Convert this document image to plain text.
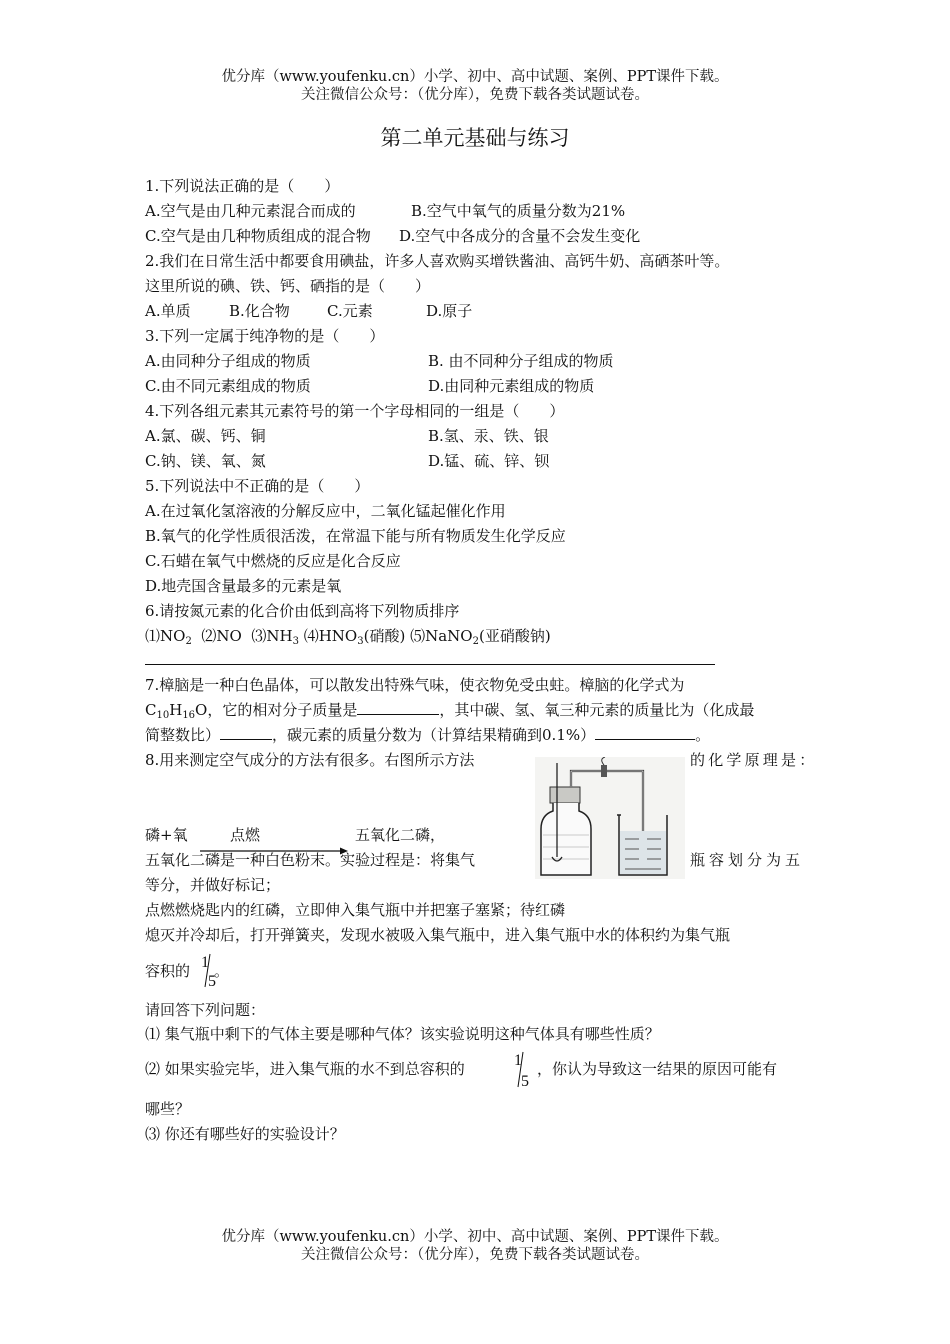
优分库（www.youfenku.cn）小学、初中、高中试题、案例、PPT课件下载。
关注微信公众号：（优分库），免费下载各类试题试卷。
第二单元基础与练习
1.下列说法正确的是（　　）
A.空气是由几种元素混合而成的	B.空气中氧气的质量分数为21%
C.空气是由几种物质组成的混合物 D.空气中各成分的含量不会发生变化
2.我们在日常生活中都要食用碘盐，许多人喜欢购买增铁酱油、高钙牛奶、高硒茶叶等。
这里所说的碘、铁、钙、硒指的是（　　）
A.单质	B.化合物 C.元素	D.原子
3.下列一定属于纯净物的是（　　）
A.由同种分子组成的物质	B. 由不同种分子组成的物质
C.由不同元素组成的物质	D.由同种元素组成的物质
4.下列各组元素其元素符号的第一个字母相同的一组是（　　）
A.氯、碳、钙、铜	B.氢、汞、铁、银
C.钠、镁、氧、氮	D.锰、硫、锌、钡
5.下列说法中不正确的是（　　）
A.在过氧化氢溶液的分解反应中，二氧化锰起催化作用
B.氧气的化学性质很活泼，在常温下能与所有物质发生化学反应
C.石蜡在氧气中燃烧的反应是化合反应
D.地壳国含量最多的元素是氧
6.请按氮元素的化合价由低到高将下列物质排序
$⑴NO_2$ ⑵NO $⑶NH_3$ $⑷HNO_3$(硝酸) ⑸NaNO$_2$(亚硝酸钠)
7.樟脑是一种白色晶体，可以散发出特殊气味，使衣物免受虫蛀。樟脑的化学式为
$C_{10}H_{16}O$，它的相对分子质量是	，其中碳、氢、氧三种元素的质量比为（化成最
简整数比）	，碳元素的质量分数为（计算结果精确到0.1%）	。
8.用来测定空气成分的方法有很多。右图所示方法	的化学原理是：
磷+氧	点燃	五氧化二磷，
五氧化二磷是一种白色粉末。实验过程是：将集气	瓶容划分为五
等分，并做好标记；
点燃燃烧匙内的红磷，立即伸入集气瓶中并把塞子塞紧；待红磷
熄灭并冷却后，打开弹簧夹，发现水被吸入集气瓶中，进入集气瓶中水的体积约为集气瓶
容积的 。
1
5
请回答下列问题：
⑴ 集气瓶中剩下的气体主要是哪种气体？该实验说明这种气体具有哪些性质？
⑵ 如果实验完毕，进入集气瓶的水不到总容积的	1
5
，你认为导致这一结果的原因可能有
哪些？
⑶ 你还有哪些好的实验设计？
优分库（www.youfenku.cn）小学、初中、高中试题、案例、PPT课件下载。
关注微信公众号：（优分库），免费下载各类试题试卷。
